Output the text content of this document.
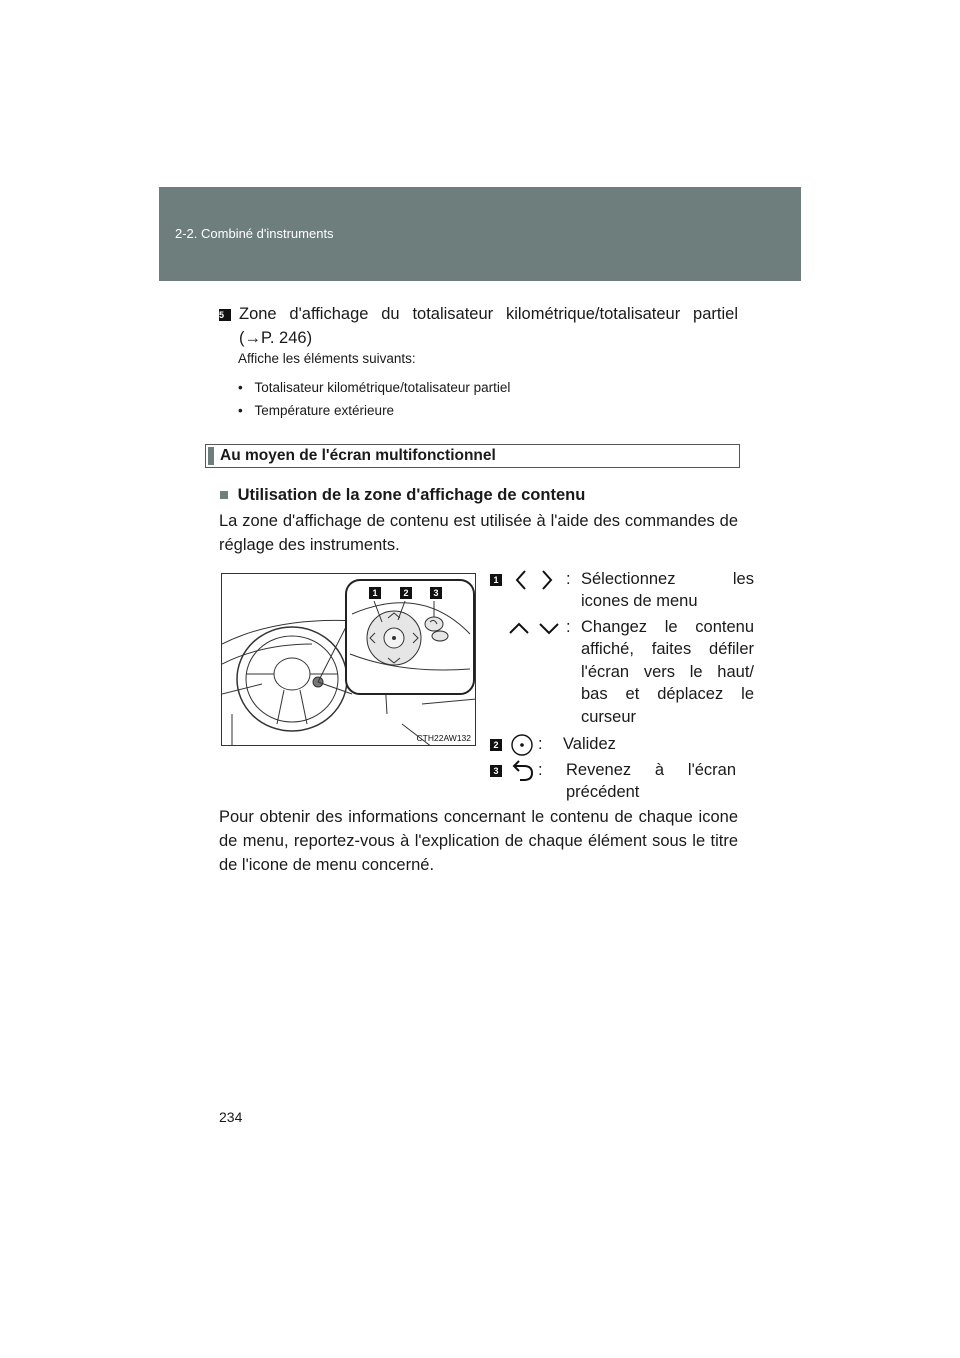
2-2. Combiné d'instruments
5 Zone d'affichage du totalisateur kilométrique/totalisateur partiel
(→P. 246)
Affiche les éléments suivants:
• Totalisateur kilométrique/totalisateur partiel
• Température extérieure
Au moyen de l'écran multifonctionnel
■ Utilisation de la zone d'affichage de contenu
La zone d'affichage de contenu est utilisée à l'aide des commandes de réglage des instruments.
1	2	3
CTH22AW132
1	: Sélectionnez les
icones de menu
: Changez le contenu
affiché, faites défiler
l'écran vers le haut/
bas et déplacez le
curseur
2 : Validez
3 : Revenez à l'écran
précédent
Pour obtenir des informations concernant le contenu de chaque icone de menu, reportez-vous à l'explication de chaque élément sous le titre de l'icone de menu concerné.
234
